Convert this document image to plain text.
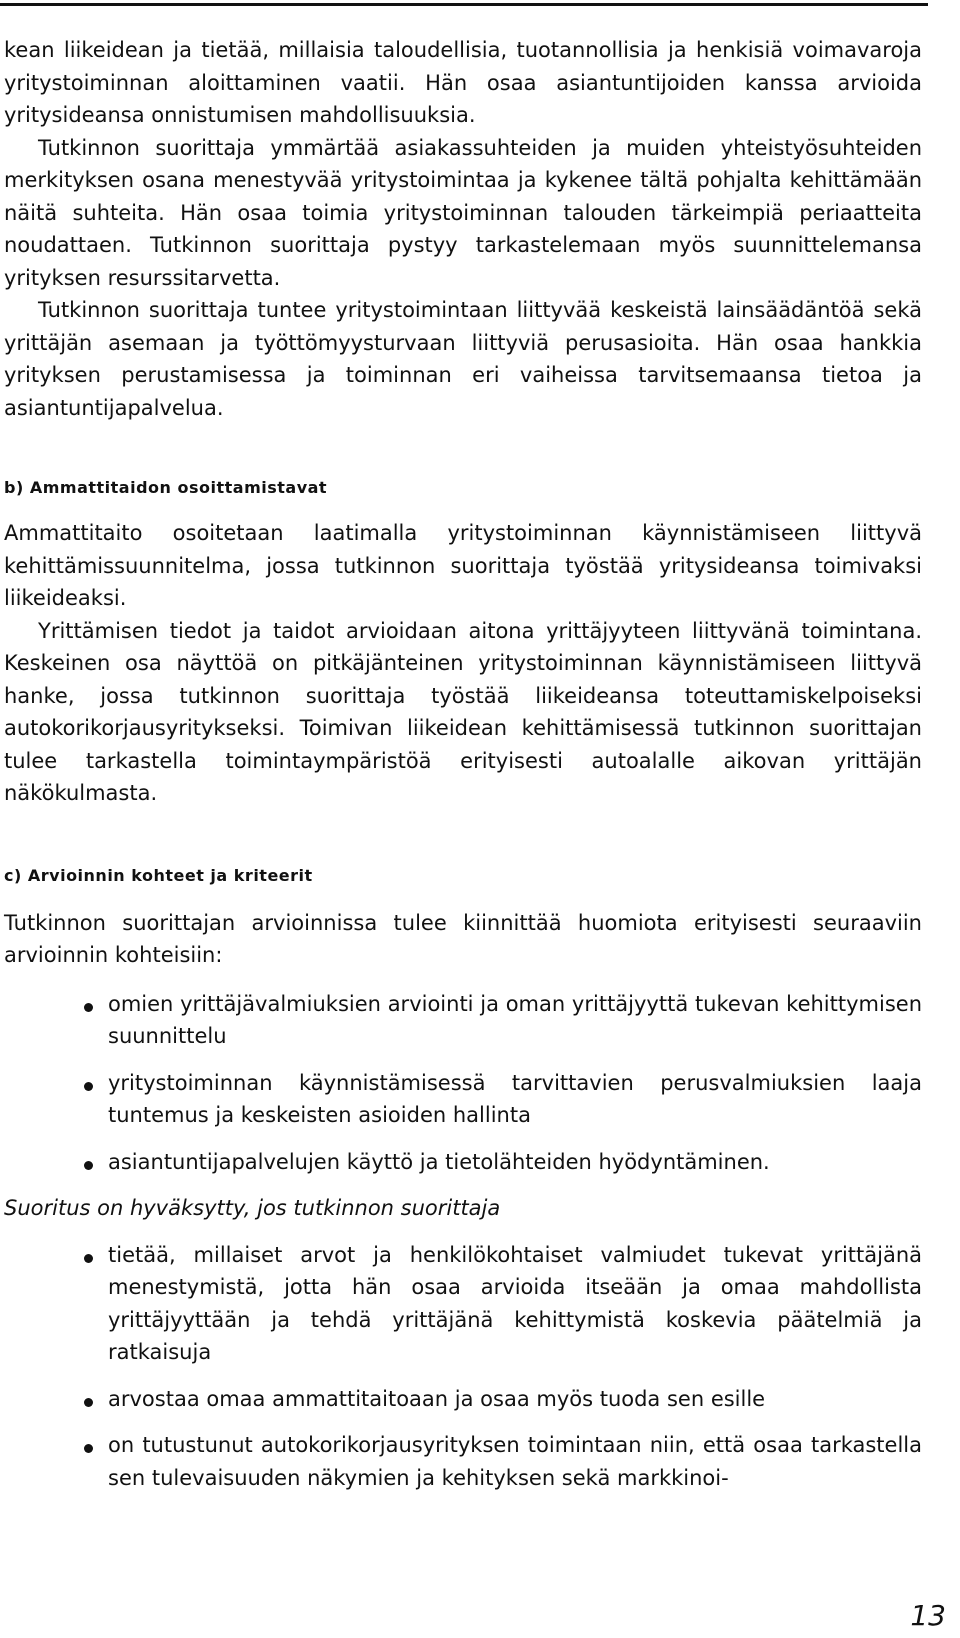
kean liikeidean ja tietää, millaisia taloudellisia, tuotannollisia ja henkisiä voimavaroja yritystoiminnan aloittaminen vaatii. Hän osaa asiantuntijoiden kanssa arvioida yritysideansa onnistumisen mahdollisuuksia.

Tutkinnon suorittaja ymmärtää asiakassuhteiden ja muiden yhteistyösuhteiden merkityksen osana menestyvää yritystoimintaa ja kykenee tältä pohjalta kehittämään näitä suhteita. Hän osaa toimia yritystoiminnan talouden tärkeimpiä periaatteita noudattaen. Tutkinnon suorittaja pystyy tarkastelemaan myös suunnittelemansa yrityksen resurssitarvetta.

Tutkinnon suorittaja tuntee yritystoimintaan liittyvää keskeistä lainsäädäntöä sekä yrittäjän asemaan ja työttömyysturvaan liittyviä perusasioita. Hän osaa hankkia yrityksen perustamisessa ja toiminnan eri vaiheissa tarvitsemaansa tietoa ja asiantuntijapalvelua.

b) Ammattitaidon osoittamistavat

Ammattitaito osoitetaan laatimalla yritystoiminnan käynnistämiseen liittyvä kehittämissuunnitelma, jossa tutkinnon suorittaja työstää yritysideansa toimivaksi liikeideaksi.

Yrittämisen tiedot ja taidot arvioidaan aitona yrittäjyyteen liittyvänä toimintana. Keskeinen osa näyttöä on pitkäjänteinen yritystoiminnan käynnistämiseen liittyvä hanke, jossa tutkinnon suorittaja työstää liikeideansa toteuttamiskelpoiseksi autokorikorjausyritykseksi. Toimivan liikeidean kehittämisessä tutkinnon suorittajan tulee tarkastella toimintaympäristöä erityisesti autoalalle aikovan yrittäjän näkökulmasta.

c) Arvioinnin kohteet ja kriteerit

Tutkinnon suorittajan arvioinnissa tulee kiinnittää huomiota erityisesti seuraaviin arvioinnin kohteisiin:

omien yrittäjävalmiuksien arviointi ja oman yrittäjyyttä tukevan kehittymisen suunnittelu
yritystoiminnan käynnistämisessä tarvittavien perusvalmiuksien laaja tuntemus ja keskeisten asioiden hallinta
asiantuntijapalvelujen käyttö ja tietolähteiden hyödyntäminen.

Suoritus on hyväksytty, jos tutkinnon suorittaja

tietää, millaiset arvot ja henkilökohtaiset valmiudet tukevat yrittäjänä menestymistä, jotta hän osaa arvioida itseään ja omaa mahdollista yrittäjyyttään ja tehdä yrittäjänä kehittymistä koskevia päätelmiä ja ratkaisuja
arvostaa omaa ammattitaitoaan ja osaa myös tuoda sen esille
on tutustunut autokorikorjausyrityksen toimintaan niin, että osaa tarkastella sen tulevaisuuden näkymien ja kehityksen sekä markkinoi-
13
